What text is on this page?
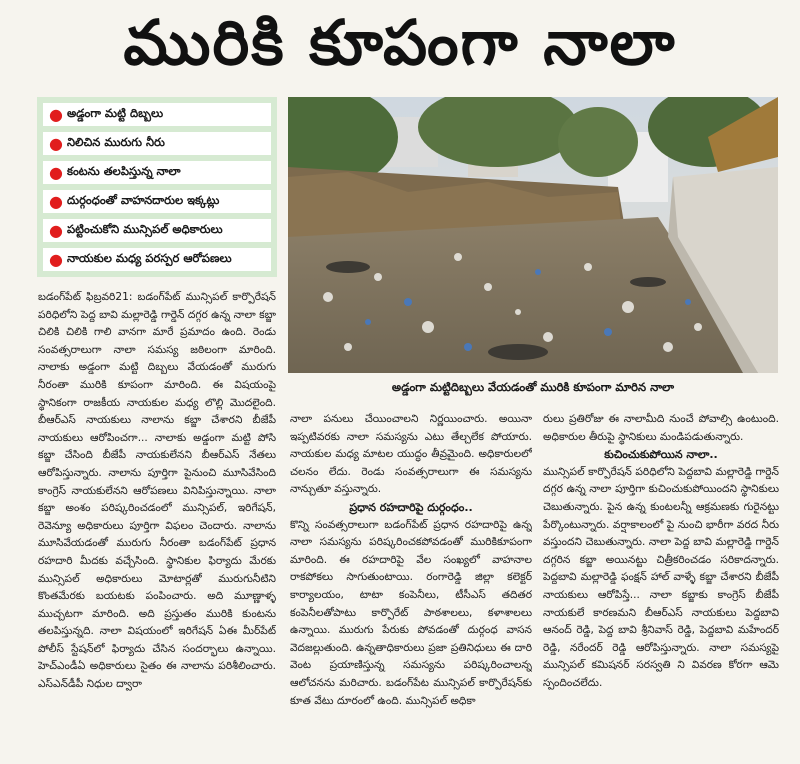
మురికి కూపంగా నాలా
● అడ్డంగా మట్టి దిబ్బలు
● నిలిచిన మురుగు నీరు
● కంటను తలపిస్తున్న నాలా
● దుర్గంధంతో వాహనదారుల ఇక్కట్లు
● పట్టించుకోని మున్సిపల్ అధికారులు
● నాయకుల మధ్య పరస్పర ఆరోపణలు
అడ్డంగా మట్టిదిబ్బలు వేయడంతో మురికి కూపంగా మారిన నాలా

బడంగ్‌పేట్ ఫిబ్రవరి21: బడంగ్‌పేట్ మున్సిపల్ కార్పొరేషన్ పరిధిలోని పెద్ద బావి మల్లారెడ్డి గార్డెన్ దగ్గర ఉన్న నాలా కబ్జా చిలికి చిలికి గాలి వానగా మారే ప్రమాదం ఉంది. రెండు సంవత్సరాలుగా నాలా సమస్య జఠిలంగా మారింది. నాలాకు అడ్డంగా మట్టి దిబ్బలు వేయడంతో మురుగు నీరంతా మురికి కూపంగా మారింది. ఈ విషయంపై స్థానికంగా రాజకీయ నాయకుల మధ్య లొల్లి మొదలైంది. బీఆర్ఎస్ నాయకులు నాలాను కబ్జా చేశారని బీజేపీ నాయకులు ఆరోపించగా... నాలాకు అడ్డంగా మట్టి పోసి కబ్జా చేసింది బీజేపీ నాయకులేనని బీఆర్ఎస్ నేతలు ఆరోపిస్తున్నారు. నాలాను పూర్తిగా పైనుంచి మూసివేసింది కాంగ్రెస్ నాయకులేనని ఆరోపణలు వినిపిస్తున్నాయి. నాలా కబ్జా అంశం పరిష్కరించడంలో మున్సిపల్, ఇరిగేషన్, రెవెన్యూ అధికారులు పూర్తిగా విఫలం చెందారు. నాలాను మూసివేయడంతో మురుగు నీరంతా బడంగ్‌పేట్ ప్రధాన రహదారి మీదకు వచ్చేసింది. స్థానికుల ఫిర్యాదు మేరకు మున్సిపల్ అధికారులు మోటార్లతో మురుగునీటిని కొంతమేరకు బయటకు పంపించారు. అది మూణ్ణాళ్ళ ముచ్చటగా మారింది. అది ప్రస్తుతం మురికి కుంటను తలపిస్తున్నది. నాలా విషయంలో ఇరిగేషన్ ఏఈ మీర్‌పేట్ పోలీస్ స్టేషన్‌లో ఫిర్యాదు చేసిన సందర్భాలు ఉన్నాయి. హెచ్ఎండీఏ అధికారులు సైతం ఈ నాలాను పరిశీలించారు. ఎస్ఎన్‌డీపీ నిధుల ద్వారా

నాలా పనులు చేయించాలని నిర్ణయించారు. అయినా ఇప్పటివరకు నాలా సమస్యను ఎటు తేల్చలేక పోయారు. నాయకుల మధ్య మాటల యుద్ధం తీవ్రమైంది. అధికారులలో చలనం లేదు. రెండు సంవత్సరాలుగా ఈ సమస్యను నాన్చుతూ వస్తున్నారు.

ప్రధాన రహదారిపై దుర్గంధం..

కొన్ని సంవత్సరాలుగా బడంగ్‌పేట్ ప్రధాన రహదారిపై ఉన్న నాలా సమస్యను పరిష్కరించకపోవడంతో మురికికూపంగా మారింది. ఈ రహదారిపై వేల సంఖ్యలో వాహనాల రాకపోకలు సాగుతుంటాయి. రంగారెడ్డి జిల్లా కలెక్టర్ కార్యాలయం, టాటా కంపెనీలు, టీసీఎస్ తదితర కంపెనీలతోపాటు కార్పొరేట్ పాఠశాలలు, కళాశాలలు ఉన్నాయి. మురుగు పేరుకు పోవడంతో దుర్గంధ వాసన వెదజల్లుతుంది. ఉన్నతాధికారులు ప్రజా ప్రతినిధులు ఈ దారి వెంట ప్రయాణిస్తున్న సమస్యను పరిష్కరించాలన్న ఆలోచనను మరిచారు. బడంగ్‌పేట మున్సిపల్ కార్పొరేషన్‌కు కూత వేటు దూరంలో ఉంది. మున్సిపల్ అధికా

రులు ప్రతిరోజు ఈ నాలామీది నుంచే పోవాల్సి ఉంటుంది. అధికారుల తీరుపై స్థానికులు మండిపడుతున్నారు.

కుచించుకుపోయిన నాలా..

మున్సిపల్ కార్పొరేషన్ పరిధిలోని పెద్దబావి మల్లారెడ్డి గార్డెన్ దగ్గర ఉన్న నాలా పూర్తిగా కుచించుకుపోయిందని స్థానికులు చెబుతున్నారు. పైన ఉన్న కుంటలన్నీ ఆక్రమణకు గురైనట్టు పేర్కొంటున్నారు. వర్షాకాలంలో పై నుంచి భారీగా వరద నీరు వస్తుందని చెబుతున్నారు. నాలా పెద్ద బావి మల్లారెడ్డి గార్డెన్ దగ్గరిన కబ్జా అయినట్టు చిత్రీకరించడం సరికాదన్నారు. పెద్దబావి మల్లారెడ్డి ఫంక్షన్ హాల్ వాళ్ళే కబ్జా చేశారని బీజేపీ నాయకులు ఆరోపిస్తే... నాలా కబ్జాకు కాంగ్రెస్ బీజేపీ నాయకులే కారణమని బీఆర్ఎస్ నాయకులు పెద్దబావి ఆనంద్ రెడ్డి, పెద్ద బావి శ్రీనివాస్ రెడ్డి, పెద్దబావి మహేందర్ రెడ్డి, నరేందర్ రెడ్డి ఆరోపిస్తున్నారు. నాలా సమస్యపై మున్సిపల్ కమిషనర్ సరస్వతి ని వివరణ కోరగా ఆమె స్పందించలేదు.
